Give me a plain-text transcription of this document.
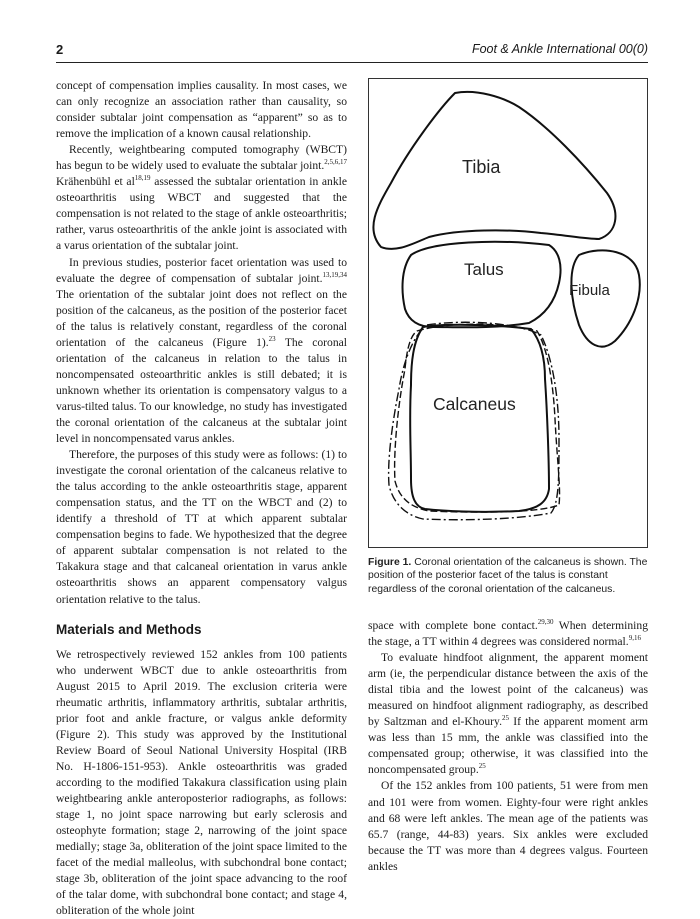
2	Foot & Ankle International 00(0)

concept of compensation implies causality. In most cases, we can only recognize an association rather than causality, so consider subtalar joint compensation as “apparent” so as to remove the implication of a known causal relationship.

Recently, weightbearing computed tomography (WBCT) has begun to be widely used to evaluate the subtalar joint.$^{2,5,6,17}$ Krähenbühl et al$^{18,19}$ assessed the subtalar orientation in ankle osteoarthritis using WBCT and suggested that the compensation is not related to the stage of ankle osteoarthritis; rather, varus osteoarthritis of the ankle joint is associated with a varus orientation of the subtalar joint.

In previous studies, posterior facet orientation was used to evaluate the degree of compensation of subtalar joint.$^{13,19,34}$ The orientation of the subtalar joint does not reflect on the position of the calcaneus, as the position of the posterior facet of the talus is relatively constant, regardless of the coronal orientation of the calcaneus (Figure 1).$^{23}$ The coronal orientation of the calcaneus in relation to the talus in noncompensated osteoarthritic ankles is still debated; it is unknown whether its orientation is compensatory valgus to a varus-tilted talus. To our knowledge, no study has investigated the coronal orientation of the calcaneus at the subtalar joint level in noncompensated varus ankles.

Therefore, the purposes of this study were as follows: (1) to investigate the coronal orientation of the calcaneus relative to the talus according to the ankle osteoarthritis stage, apparent compensation status, and the TT on the WBCT and (2) to identify a threshold of TT at which apparent subtalar compensation begins to fade. We hypothesized that the degree of apparent subtalar compensation is not related to the Takakura stage and that calcaneal orientation in varus ankle osteoarthritis shows an apparent compensatory valgus orientation relative to the talus.

Materials and Methods

We retrospectively reviewed 152 ankles from 100 patients who underwent WBCT due to ankle osteoarthritis from August 2015 to April 2019. The exclusion criteria were rheumatic arthritis, inflammatory arthritis, subtalar arthritis, prior foot and ankle fracture, or valgus ankle deformity (Figure 2). This study was approved by the Institutional Review Board of Seoul National University Hospital (IRB No. H-1806-151-953). Ankle osteoarthritis was graded according to the modified Takakura classification using plain weightbearing ankle anteroposterior radiographs, as follows: stage 1, no joint space narrowing but early sclerosis and osteophyte formation; stage 2, narrowing of the joint space medially; stage 3a, obliteration of the joint space limited to the facet of the medial malleolus, with subchondral bone contact; stage 3b, obliteration of the joint space advancing to the roof of the talar dome, with subchondral bone contact; and stage 4, obliteration of the whole joint

Tibia
Talus
Fibula
Calcaneus
Figure 1. Coronal orientation of the calcaneus is shown. The position of the posterior facet of the talus is constant regardless of the coronal orientation of the calcaneus.

space with complete bone contact.$^{29,30}$ When determining the stage, a TT within 4 degrees was considered normal.$^{9,16}$

To evaluate hindfoot alignment, the apparent moment arm (ie, the perpendicular distance between the axis of the distal tibia and the lowest point of the calcaneus) was measured on hindfoot alignment radiography, as described by Saltzman and el-Khoury.$^{25}$ If the apparent moment arm was less than 15 mm, the ankle was classified into the compensated group; otherwise, it was classified into the noncompensated group.$^{25}$

Of the 152 ankles from 100 patients, 51 were from men and 101 were from women. Eighty-four were right ankles and 68 were left ankles. The mean age of the patients was 65.7 (range, 44-83) years. Six ankles were excluded because the TT was more than 4 degrees valgus. Fourteen ankles
